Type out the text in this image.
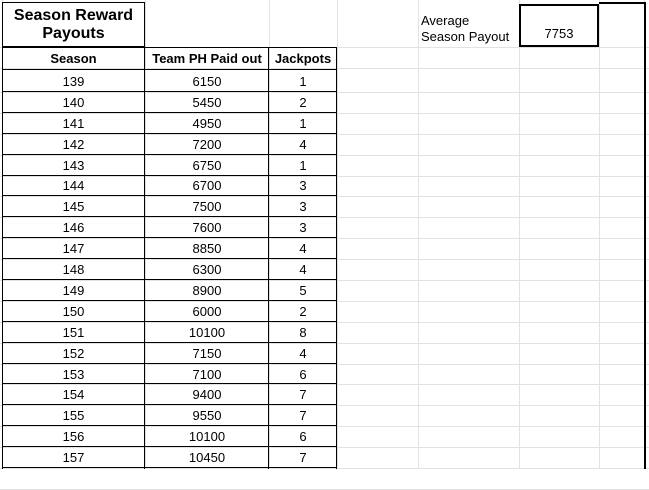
Season Reward
Payouts
Season	Team PH Paid out	Jackpots
139	6150	1
140	5450	2
141	4950	1
142	7200	4
143	6750	1
144	6700	3
145	7500	3
146	7600	3
147	8850	4
148	6300	4
149	8900	5
150	6000	2
151	10100	8
152	7150	4
153	7100	6
154	9400	7
155	9550	7
156	10100	6
157	10450	7
Average
Season Payout	7753
